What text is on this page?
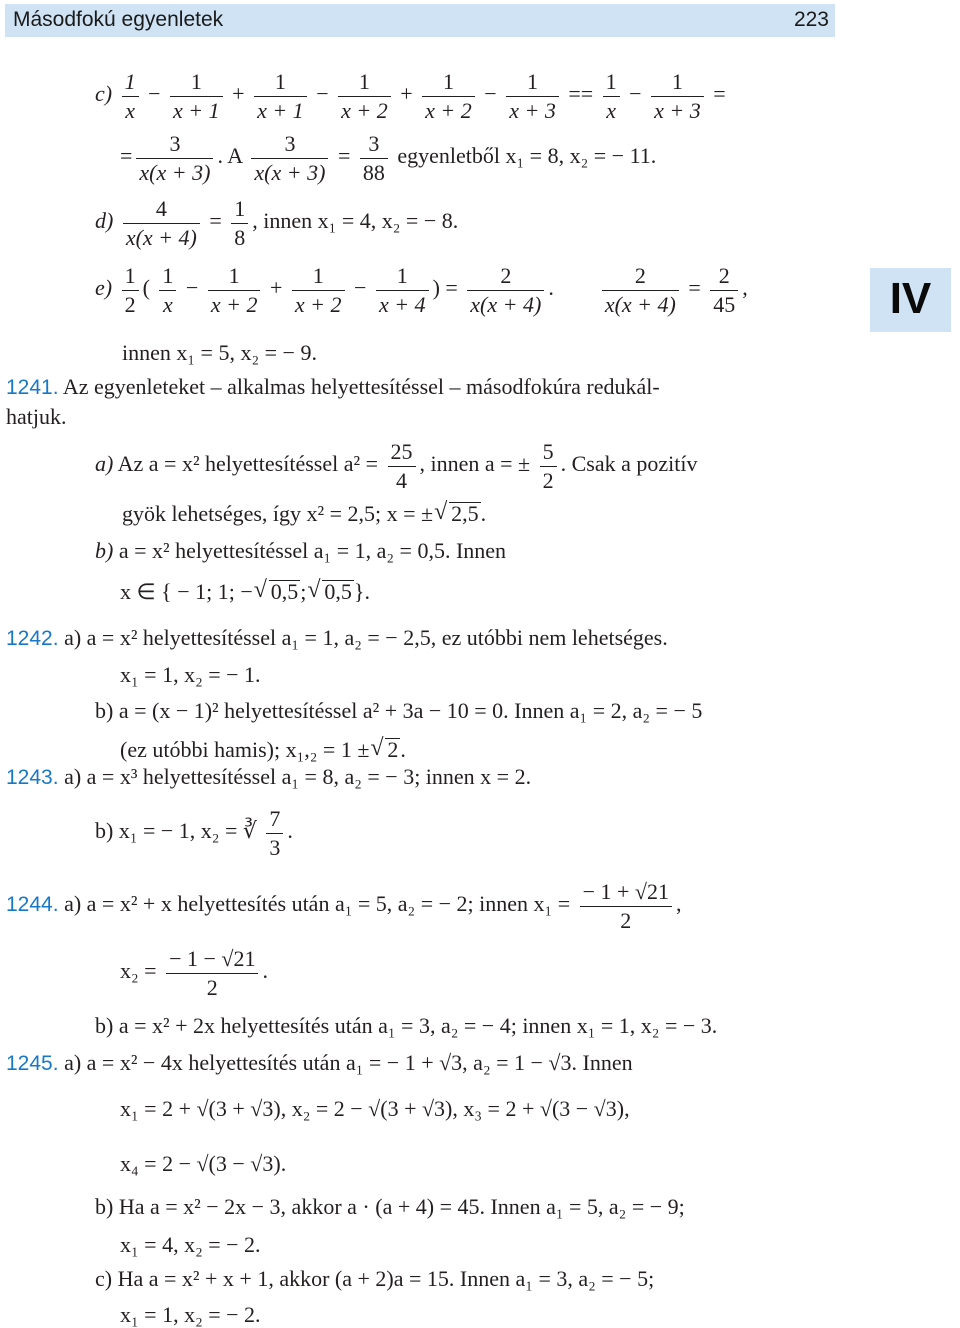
Másodfokú egyenletek	223
IV
$c) \frac{1}{x} - \frac{1}{x + 1} + \frac{1}{x + 1} - \frac{1}{x + 2} + \frac{1}{x + 2} - \frac{1}{x + 3} == \frac{1}{x} - \frac{1}{x + 3}$ =
= $\frac{3}{x(x + 3)}$ . A $\frac{3}{x(x + 3)} = \frac{3}{88}$ egyenletből x₁ = 8, x₂ = − 11.
$d) \frac{4}{x(x + 4)} = \frac{1}{8}$ , innen x₁ = 4, x₂ = − 8.
$e) \frac{1}{2}$ ( $\frac{1}{x} - \frac{1}{x + 2} + \frac{1}{x + 2} - \frac{1}{x + 4}$ ) = $\frac{2}{x(x + 4)}$ . $\frac{2}{x(x + 4)} = \frac{2}{45}$ ,
innen x₁ = 5, x₂ = − 9.
1241. Az egyenleteket – alkalmas helyettesítéssel – másodfokúra redukál-
hatjuk.
a) Az a = x² helyettesítéssel $a^2 = \frac{25}{4}$ , innen a = ± $\frac{5}{2}$ . Csak a pozitív
gyök lehetséges, így x² = 2,5; x = ± √ 2,5.
b) a = x² helyettesítéssel a₁ = 1, a₂ = 0,5. Innen
x ∈ { − 1; 1; − √ 0,5; √ 0,5}.
1242. a) a = x² helyettesítéssel a₁ = 1, a₂ = − 2,5, ez utóbbi nem lehetséges.
x₁ = 1, x₂ = − 1.
b) a = (x − 1)² helyettesítéssel a² + 3a − 10 = 0. Innen a₁ = 2, a₂ = − 5
(ez utóbbi hamis); x₁,₂ = 1 ± √ 2.
1243. a) a = x³ helyettesítéssel a₁ = 8, a₂ = − 3; innen x = 2.
b) x₁ = − 1, x₂ = ∛ $\frac{7}{3}$ .
1244. a) a = x² + x helyettesítés után a₁ = 5, a₂ = − 2; innen $x_1 = \frac{- 1 + √21}{2}$ ,
$x_2 = \frac{- 1 - √21}{2}$ .
b) a = x² + 2x helyettesítés után a₁ = 3, a₂ = − 4; innen x₁ = 1, x₂ = − 3.
1245. a) a = x² − 4x helyettesítés után a₁ = − 1 + √3, a₂ = 1 − √3. Innen
x₁ = 2 + √(3 + √3), x₂ = 2 − √(3 + √3), x₃ = 2 + √(3 − √3),
x₄ = 2 − √(3 − √3).
b) Ha a = x² − 2x − 3, akkor a · (a + 4) = 45. Innen a₁ = 5, a₂ = − 9;
x₁ = 4, x₂ = − 2.
c) Ha a = x² + x + 1, akkor (a + 2)a = 15. Innen a₁ = 3, a₂ = − 5;
x₁ = 1, x₂ = − 2.
